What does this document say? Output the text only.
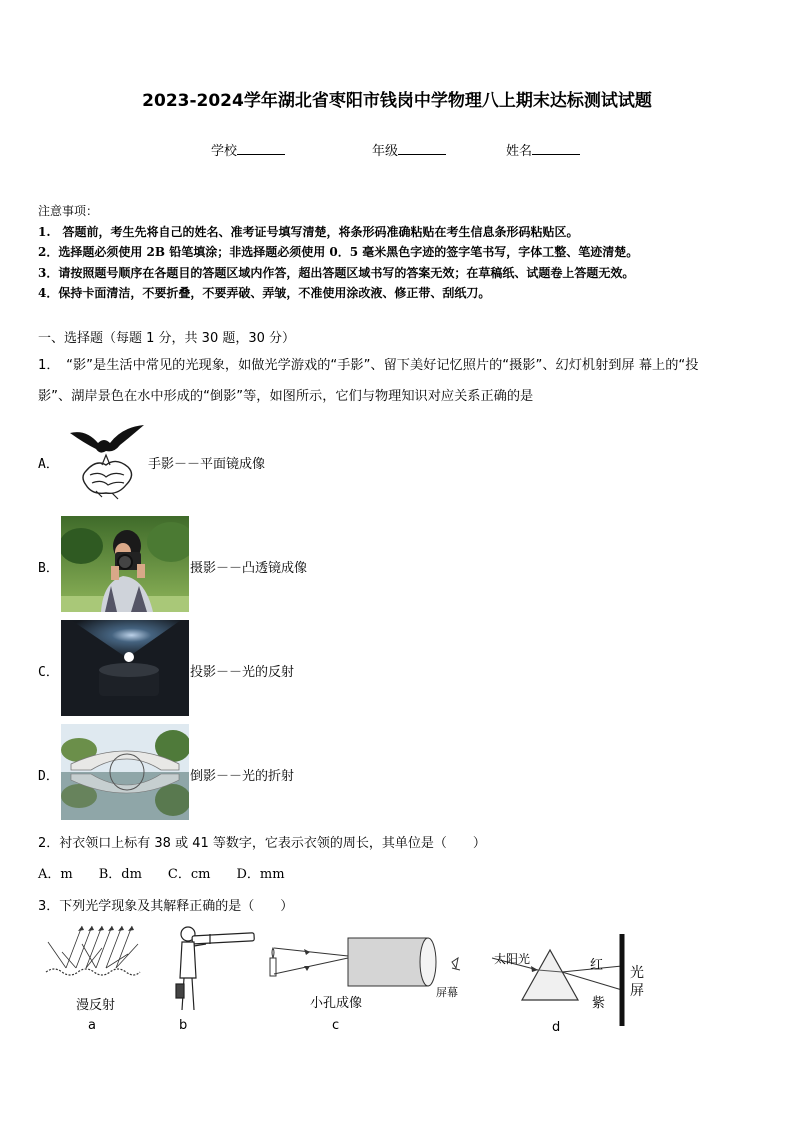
2023-2024学年湖北省枣阳市钱岗中学物理八上期末达标测试试题
学校	年级	姓名
注意事项：
1.　答题前，考生先将自己的姓名、准考证号填写清楚，将条形码准确粘贴在考生信息条形码粘贴区。
2．选择题必须使用 2B 铅笔填涂；非选择题必须使用 0．5 毫米黑色字迹的签字笔书写，字体工整、笔迹清楚。
3．请按照题号顺序在各题目的答题区域内作答，超出答题区域书写的答案无效；在草稿纸、试题卷上答题无效。
4．保持卡面清洁，不要折叠，不要弄破、弄皱，不准使用涂改液、修正带、刮纸刀。
一、选择题（每题 1 分，共 30 题，30 分）
1．　“影”是生活中常见的光现象，如做光学游戏的“手影”、留下美好记忆照片的“摄影”、幻灯机射到屏 幕上的“投
影”、湖岸景色在水中形成的“倒影”等，如图所示，它们与物理知识对应关系正确的是
A．	手影－－平面镜成像
B．	摄影－－凸透镜成像
C．	投影－－光的反射
D．	倒影－－光的折射
2．衬衣领口上标有 38 或 41 等数字，它表示衣领的周长，其单位是（　　）
A．m　　B．dm　　C．cm　　D．mm
3．下列光学现象及其解释正确的是（　　）
漫反射
a	b
小孔成像
屏幕
c
太阳光	红
紫
光
屏
d
